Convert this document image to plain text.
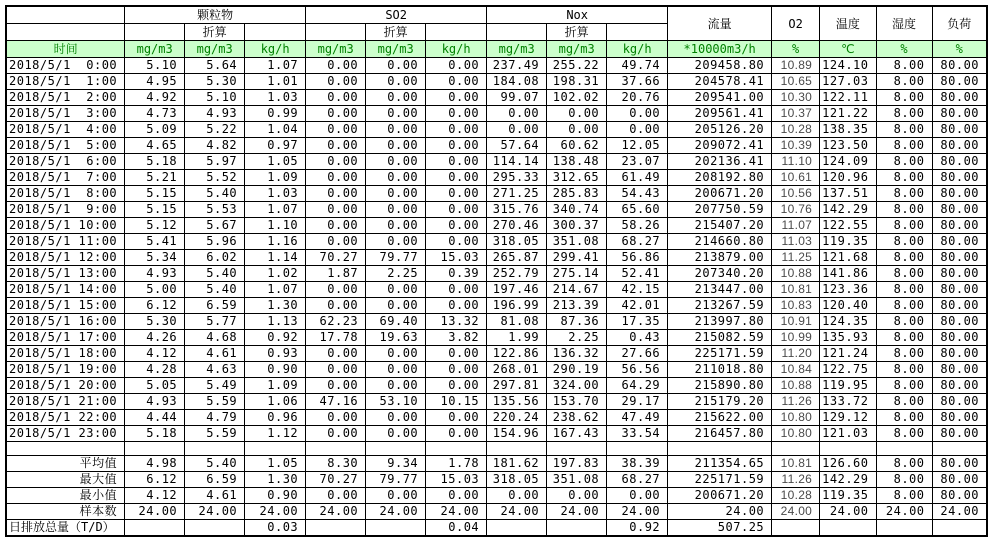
	颗粒物			SO2			Nox			流量	O2	温度	湿度	负荷
		折算			折算			折算						
时间	mg/m3	mg/m3	kg/h	mg/m3	mg/m3	kg/h	mg/m3	mg/m3	kg/h	*10000m3/h	%	℃	%	%
2018/5/1  0:00	5.10	5.64	1.07	0.00	0.00	0.00	237.49	255.22	49.74	209458.80	10.89	124.10	8.00	80.00
2018/5/1  1:00	4.95	5.30	1.01	0.00	0.00	0.00	184.08	198.31	37.66	204578.41	10.65	127.03	8.00	80.00
2018/5/1  2:00	4.92	5.10	1.03	0.00	0.00	0.00	99.07	102.02	20.76	209541.00	10.30	122.11	8.00	80.00
2018/5/1  3:00	4.73	4.93	0.99	0.00	0.00	0.00	0.00	0.00	0.00	209561.41	10.37	121.22	8.00	80.00
2018/5/1  4:00	5.09	5.22	1.04	0.00	0.00	0.00	0.00	0.00	0.00	205126.20	10.28	138.35	8.00	80.00
2018/5/1  5:00	4.65	4.82	0.97	0.00	0.00	0.00	57.64	60.62	12.05	209072.41	10.39	123.50	8.00	80.00
2018/5/1  6:00	5.18	5.97	1.05	0.00	0.00	0.00	114.14	138.48	23.07	202136.41	11.10	124.09	8.00	80.00
2018/5/1  7:00	5.21	5.52	1.09	0.00	0.00	0.00	295.33	312.65	61.49	208192.80	10.61	120.96	8.00	80.00
2018/5/1  8:00	5.15	5.40	1.03	0.00	0.00	0.00	271.25	285.83	54.43	200671.20	10.56	137.51	8.00	80.00
2018/5/1  9:00	5.15	5.53	1.07	0.00	0.00	0.00	315.76	340.74	65.60	207750.59	10.76	142.29	8.00	80.00
2018/5/1 10:00	5.12	5.67	1.10	0.00	0.00	0.00	270.46	300.37	58.26	215407.20	11.07	122.55	8.00	80.00
2018/5/1 11:00	5.41	5.96	1.16	0.00	0.00	0.00	318.05	351.08	68.27	214660.80	11.03	119.35	8.00	80.00
2018/5/1 12:00	5.34	6.02	1.14	70.27	79.77	15.03	265.87	299.41	56.86	213879.00	11.25	121.68	8.00	80.00
2018/5/1 13:00	4.93	5.40	1.02	1.87	2.25	0.39	252.79	275.14	52.41	207340.20	10.88	141.86	8.00	80.00
2018/5/1 14:00	5.00	5.40	1.07	0.00	0.00	0.00	197.46	214.67	42.15	213447.00	10.81	123.36	8.00	80.00
2018/5/1 15:00	6.12	6.59	1.30	0.00	0.00	0.00	196.99	213.39	42.01	213267.59	10.83	120.40	8.00	80.00
2018/5/1 16:00	5.30	5.77	1.13	62.23	69.40	13.32	81.08	87.36	17.35	213997.80	10.91	124.35	8.00	80.00
2018/5/1 17:00	4.26	4.68	0.92	17.78	19.63	3.82	1.99	2.25	0.43	215082.59	10.99	135.93	8.00	80.00
2018/5/1 18:00	4.12	4.61	0.93	0.00	0.00	0.00	122.86	136.32	27.66	225171.59	11.20	121.24	8.00	80.00
2018/5/1 19:00	4.28	4.63	0.90	0.00	0.00	0.00	268.01	290.19	56.56	211018.80	10.84	122.75	8.00	80.00
2018/5/1 20:00	5.05	5.49	1.09	0.00	0.00	0.00	297.81	324.00	64.29	215890.80	10.88	119.95	8.00	80.00
2018/5/1 21:00	4.93	5.59	1.06	47.16	53.10	10.15	135.56	153.70	29.17	215179.20	11.26	133.72	8.00	80.00
2018/5/1 22:00	4.44	4.79	0.96	0.00	0.00	0.00	220.24	238.62	47.49	215622.00	10.80	129.12	8.00	80.00
2018/5/1 23:00	5.18	5.59	1.12	0.00	0.00	0.00	154.96	167.43	33.54	216457.80	10.80	121.03	8.00	80.00

平均值	4.98	5.40	1.05	8.30	9.34	1.78	181.62	197.83	38.39	211354.65	10.81	126.60	8.00	80.00
最大值	6.12	6.59	1.30	70.27	79.77	15.03	318.05	351.08	68.27	225171.59	11.26	142.29	8.00	80.00
最小值	4.12	4.61	0.90	0.00	0.00	0.00	0.00	0.00	0.00	200671.20	10.28	119.35	8.00	80.00
样本数	24.00	24.00	24.00	24.00	24.00	24.00	24.00	24.00	24.00	24.00	24.00	24.00	24.00	24.00
日排放总量（T/D）			0.03			0.04			0.92	507.25				
